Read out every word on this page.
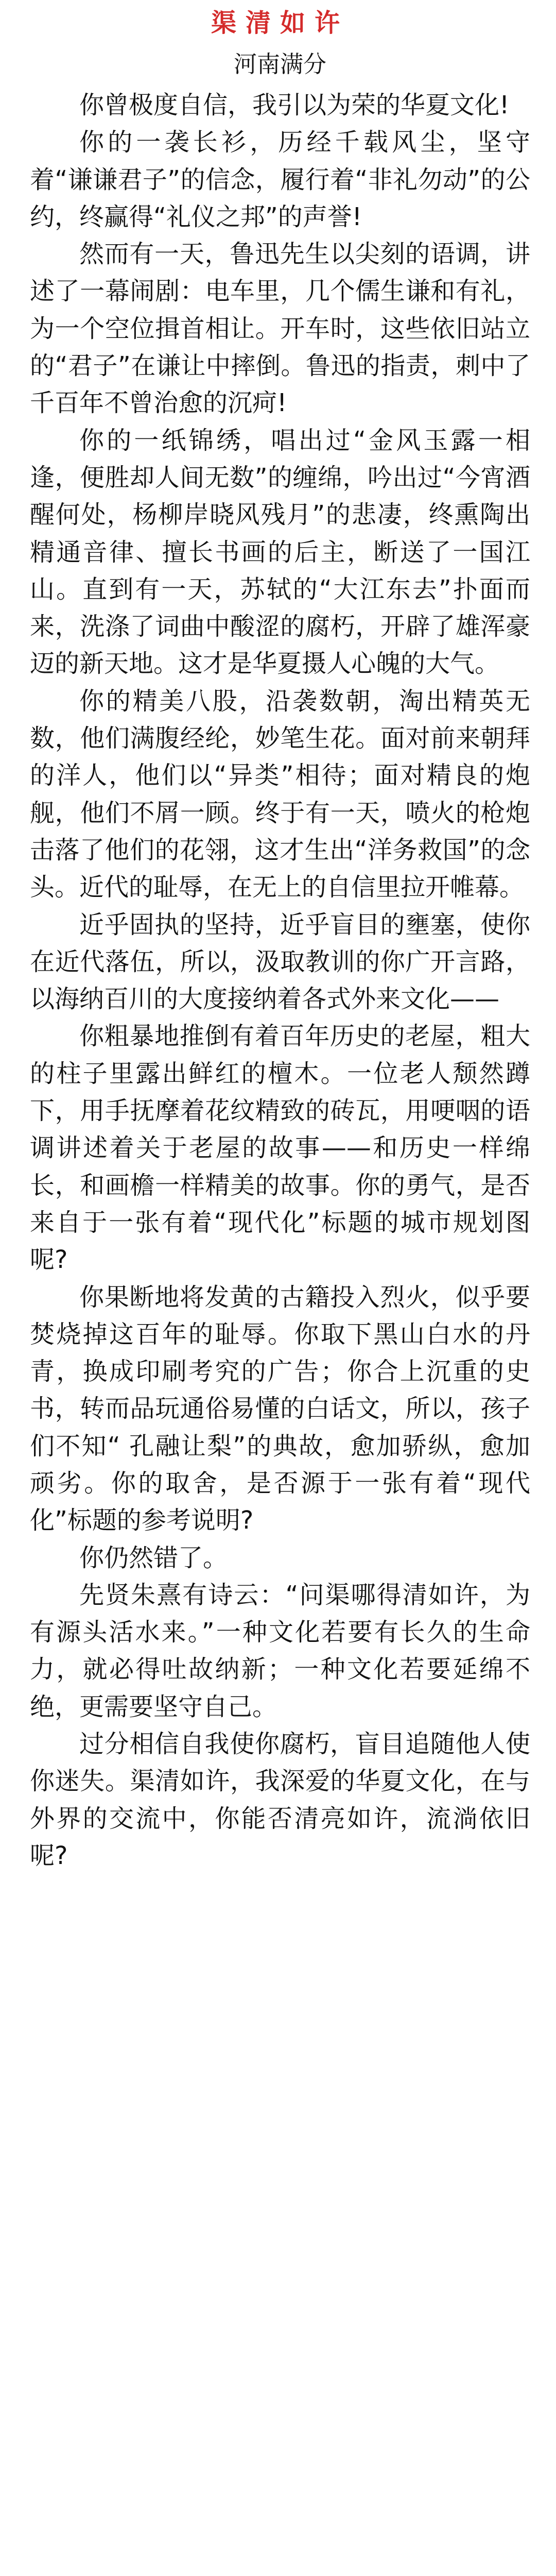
渠清如许
河南满分

你曾极度自信，我引以为荣的华夏文化!

你的一袭长衫，历经千载风尘，坚守着“谦谦君子”的信念，履行着“非礼勿动”的公约，终赢得“礼仪之邦”的声誉!

然而有一天，鲁迅先生以尖刻的语调，讲述了一幕闹剧：电车里，几个儒生谦和有礼，为一个空位揖首相让。开车时，这些依旧站立的“君子”在谦让中摔倒。鲁迅的指责，刺中了千百年不曾治愈的沉疴!

你的一纸锦绣，唱出过“金风玉露一相逢，便胜却人间无数”的缠绵，吟出过“今宵酒醒何处，杨柳岸晓风残月”的悲凄，终熏陶出精通音律、擅长书画的后主，断送了一国江山。直到有一天，苏轼的“大江东去”扑面而来，洗涤了词曲中酸涩的腐朽，开辟了雄浑豪迈的新天地。这才是华夏摄人心魄的大气。

你的精美八股，沿袭数朝，淘出精英无数，他们满腹经纶，妙笔生花。面对前来朝拜的洋人，他们以“异类”相待；面对精良的炮舰，他们不屑一顾。终于有一天，喷火的枪炮击落了他们的花翎，这才生出“洋务救国”的念头。近代的耻辱，在无上的自信里拉开帷幕。

近乎固执的坚持，近乎盲目的壅塞，使你在近代落伍，所以，汲取教训的你广开言路，以海纳百川的大度接纳着各式外来文化——

你粗暴地推倒有着百年历史的老屋，粗大的柱子里露出鲜红的檀木。一位老人颓然蹲下，用手抚摩着花纹精致的砖瓦，用哽咽的语调讲述着关于老屋的故事——和历史一样绵长，和画檐一样精美的故事。你的勇气，是否来自于一张有着“现代化”标题的城市规划图呢?

你果断地将发黄的古籍投入烈火，似乎要焚烧掉这百年的耻辱。你取下黑山白水的丹青，换成印刷考究的广告；你合上沉重的史书，转而品玩通俗易懂的白话文，所以，孩子们不知“ 孔融让梨”的典故，愈加骄纵，愈加顽劣。你的取舍，是否源于一张有着“现代化”标题的参考说明?

你仍然错了。

先贤朱熹有诗云：“问渠哪得清如许，为有源头活水来。”一种文化若要有长久的生命力，就必得吐故纳新；一种文化若要延绵不绝，更需要坚守自己。

过分相信自我使你腐朽，盲目追随他人使你迷失。渠清如许，我深爱的华夏文化，在与外界的交流中，你能否清亮如许，流淌依旧呢?
